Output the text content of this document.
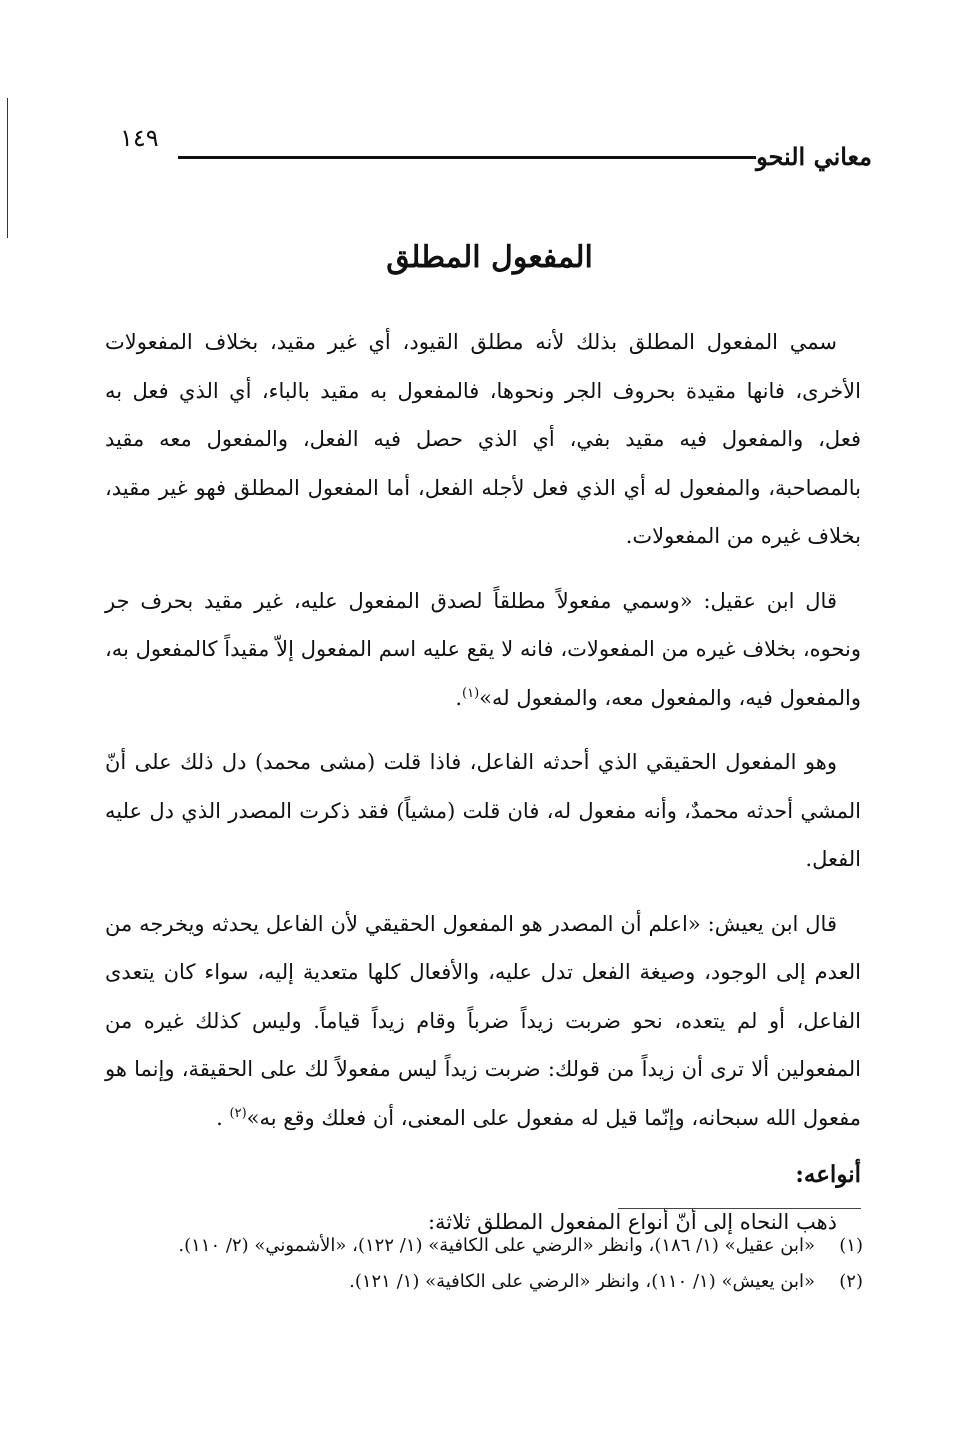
معاني النحو
١٤٩
المفعول المطلق

سمي المفعول المطلق بذلك لأنه مطلق القيود، أي غير مقيد، بخلاف المفعولات الأخرى، فانها مقيدة بحروف الجر ونحوها، فالمفعول به مقيد بالباء، أي الذي فعل به فعل، والمفعول فيه مقيد بفي، أي الذي حصل فيه الفعل، والمفعول معه مقيد بالمصاحبة، والمفعول له أي الذي فعل لأجله الفعل، أما المفعول المطلق فهو غير مقيد، بخلاف غيره من المفعولات.

قال ابن عقيل: «وسمي مفعولاً مطلقاً لصدق المفعول عليه، غير مقيد بحرف جر ونحوه، بخلاف غيره من المفعولات، فانه لا يقع عليه اسم المفعول إلاّ مقيداً كالمفعول به، والمفعول فيه، والمفعول معه، والمفعول له»$^{(١)}$.

وهو المفعول الحقيقي الذي أحدثه الفاعل، فاذا قلت (مشى محمد) دل ذلك على أنّ المشي أحدثه محمدٌ، وأنه مفعول له، فان قلت (مشياً) فقد ذكرت المصدر الذي دل عليه الفعل.

قال ابن يعيش: «اعلم أن المصدر هو المفعول الحقيقي لأن الفاعل يحدثه ويخرجه من العدم إلى الوجود، وصيغة الفعل تدل عليه، والأفعال كلها متعدية إليه، سواء كان يتعدى الفاعل، أو لم يتعده، نحو ضربت زيداً ضرباً وقام زيداً قياماً. وليس كذلك غيره من المفعولين ألا ترى أن زيداً من قولك: ضربت زيداً ليس مفعولاً لك على الحقيقة، وإنما هو مفعول الله سبحانه، وإنّما قيل له مفعول على المعنى، أن فعلك وقع به»$^{(٢)}$ .

أنواعه:

ذهب النحاه إلى أنّ أنواع المفعول المطلق ثلاثة:

(١)
«ابن عقيل» (١/ ١٨٦)، وانظر «الرضي على الكافية» (١/ ١٢٢)، «الأشموني» (٢/ ١١٠).
(٢)
«ابن يعيش» (١/ ١١٠)، وانظر «الرضي على الكافية» (١/ ١٢١).
